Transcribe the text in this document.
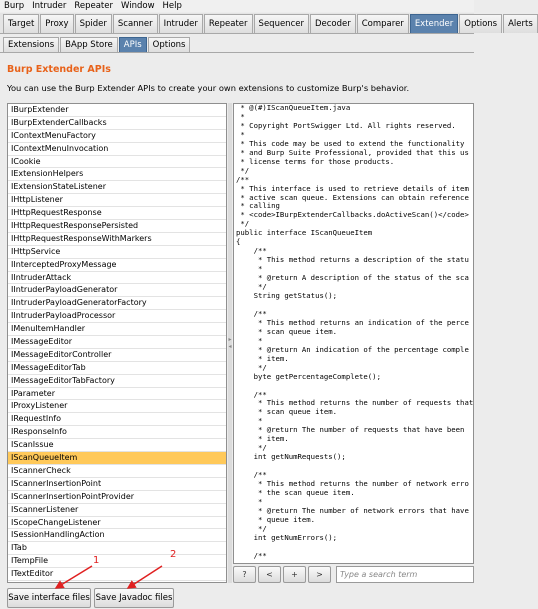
Burp Intruder Repeater Window Help
Target	Proxy	Spider	Scanner	Intruder	Repeater	Sequencer	Decoder	Comparer	Extender	Options	Alerts
Extensions	BApp Store	APIs	Options
Burp Extender APIs
You can use the Burp Extender APIs to create your own extensions to customize Burp's behavior.
IBurpExtender
IBurpExtenderCallbacks
IContextMenuFactory
IContextMenuInvocation
ICookie
IExtensionHelpers
IExtensionStateListener
IHttpListener
IHttpRequestResponse
IHttpRequestResponsePersisted
IHttpRequestResponseWithMarkers
IHttpService
IInterceptedProxyMessage
IIntruderAttack
IIntruderPayloadGenerator
IIntruderPayloadGeneratorFactory
IIntruderPayloadProcessor
IMenuItemHandler
IMessageEditor
IMessageEditorController
IMessageEditorTab
IMessageEditorTabFactory
IParameter
IProxyListener
IRequestInfo
IResponseInfo
IScanIssue
IScanQueueItem
IScannerCheck
IScannerInsertionPoint
IScannerInsertionPointProvider
IScannerListener
IScopeChangeListener
ISessionHandlingAction
ITab
ITempFile
ITextEditor
▸
◂
* @(#)IScanQueueItem.java
*
* Copyright PortSwigger Ltd. All rights reserved.
*
* This code may be used to extend the functionality
* and Burp Suite Professional, provided that this us
* license terms for those products.
*/
/**
* This interface is used to retrieve details of item
* active scan queue. Extensions can obtain reference
* calling
* <code>IBurpExtenderCallbacks.doActiveScan()</code>
*/
public interface IScanQueueItem
{
/**
* This method returns a description of the statu
*
* @return A description of the status of the sca
*/
String getStatus();

/**
* This method returns an indication of the perce
* scan queue item.
*
* @return An indication of the percentage comple
* item.
*/
byte getPercentageComplete();

/**
* This method returns the number of requests that
* scan queue item.
*
* @return The number of requests that have been
* item.
*/
int getNumRequests();

/**
* This method returns the number of network erro
* the scan queue item.
*
* @return The number of network errors that have
* queue item.
*/
int getNumErrors();

/**
?	<	+	>	Type a search term
Save interface files Save Javadoc files
1
2
